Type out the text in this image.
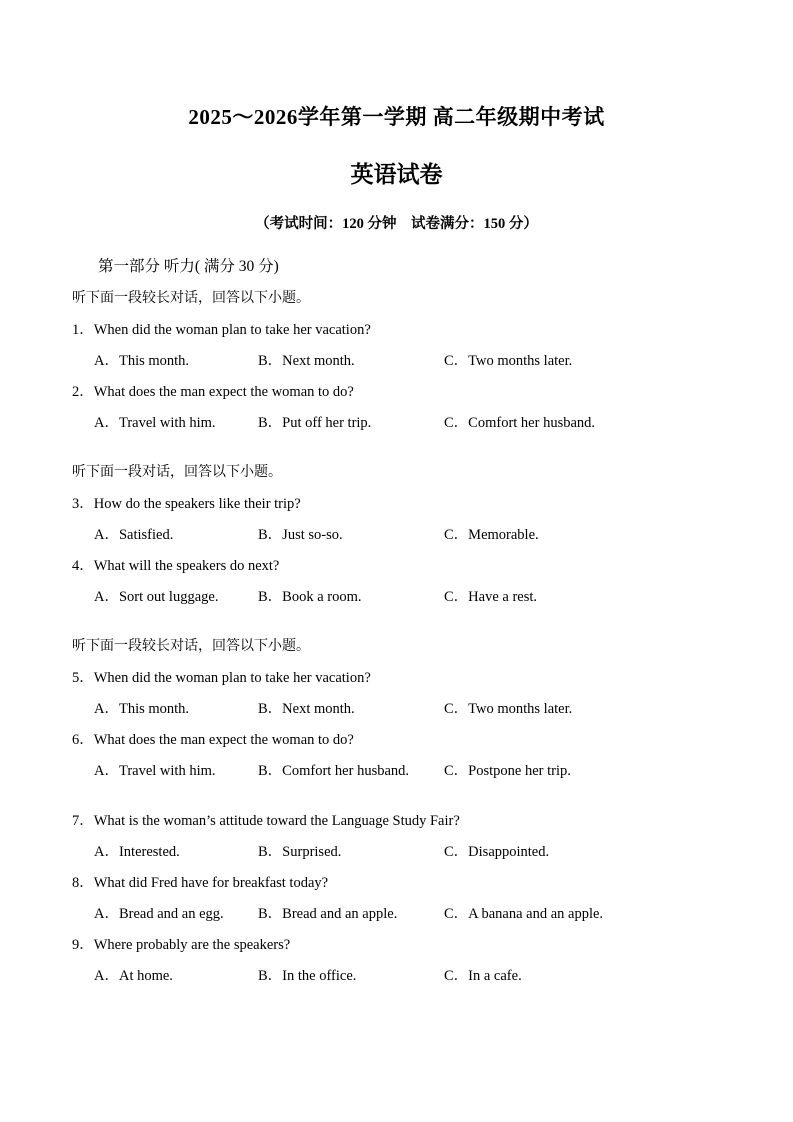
2025～2026学年第一学期 高二年级期中考试
英语试卷

（考试时间：120 分钟　试卷满分：150 分）

第一部分 听力( 满分 30 分)

听下面一段较长对话，回答以下小题。

1．When did the woman plan to take her vacation?

A．This month.	B．Next month.	C．Two months later.

2．What does the man expect the woman to do?

A．Travel with him.	B．Put off her trip.	C．Comfort her husband.

听下面一段对话，回答以下小题。

3．How do the speakers like their trip?

A．Satisfied.	B．Just so-so.	C．Memorable.

4．What will the speakers do next?

A．Sort out luggage.	B．Book a room.	C．Have a rest.

听下面一段较长对话，回答以下小题。

5．When did the woman plan to take her vacation?

A．This month.	B．Next month.	C．Two months later.

6．What does the man expect the woman to do?

A．Travel with him.	B．Comfort her husband.	C．Postpone her trip.

7．What is the woman’s attitude toward the Language Study Fair?

A．Interested.	B．Surprised.	C．Disappointed.

8．What did Fred have for breakfast today?

A．Bread and an egg.	B．Bread and an apple.	C．A banana and an apple.

9．Where probably are the speakers?

A．At home.	B．In the office.	C．In a cafe.
